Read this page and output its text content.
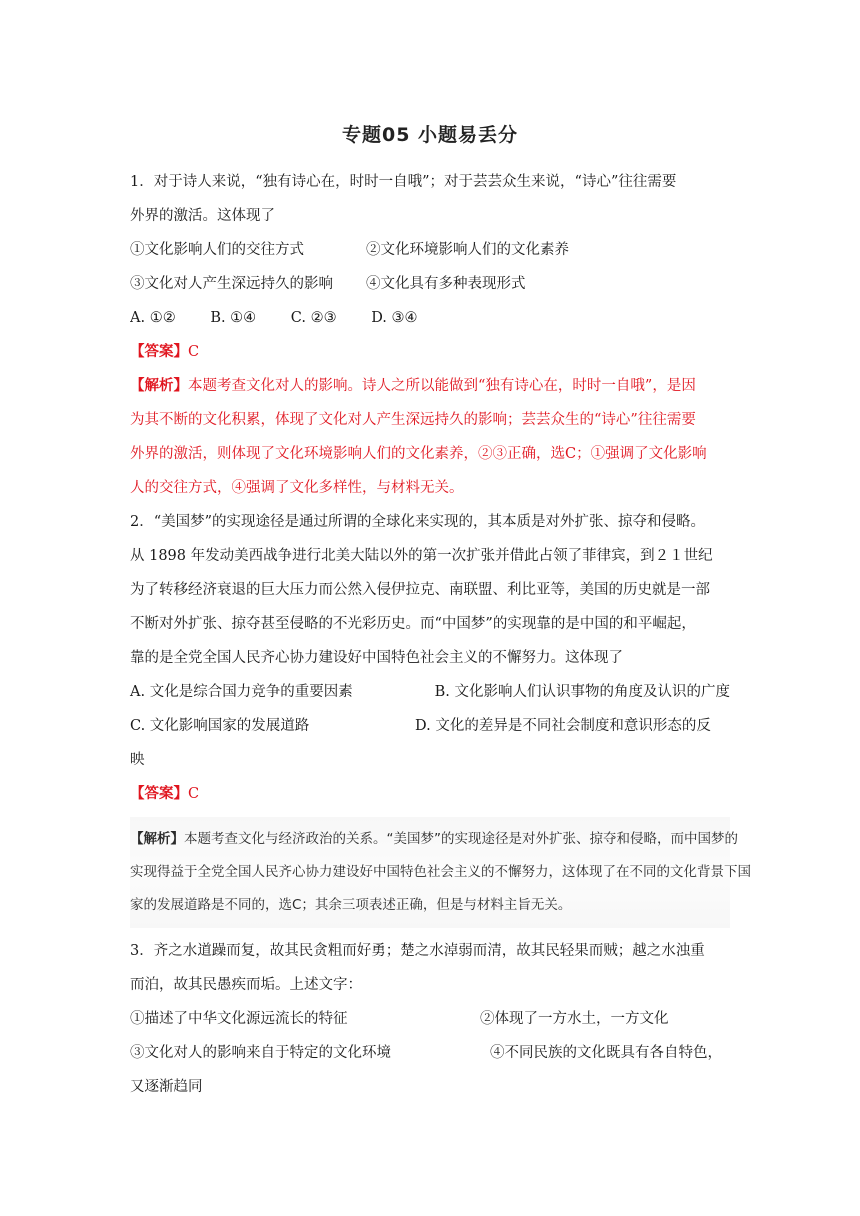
专题05 小题易丢分
1．对于诗人来说，“独有诗心在，时时一自哦”；对于芸芸众生来说，“诗心”往往需要
外界的激活。这体现了
①文化影响人们的交往方式	②文化环境影响人们的文化素养
③文化对人产生深远持久的影响	④文化具有多种表现形式
A. ①② B. ①④ C. ②③ D. ③④
【答案】C
【解析】本题考查文化对人的影响。诗人之所以能做到“独有诗心在，时时一自哦”，是因
为其不断的文化积累，体现了文化对人产生深远持久的影响；芸芸众生的“诗心”往往需要
外界的激活，则体现了文化环境影响人们的文化素养，②③正确，选C；①强调了文化影响
人的交往方式，④强调了文化多样性，与材料无关。
2．“美国梦”的实现途径是通过所谓的全球化来实现的，其本质是对外扩张、掠夺和侵略。
从 1898 年发动美西战争进行北美大陆以外的第一次扩张并借此占领了菲律宾，到２１世纪
为了转移经济衰退的巨大压力而公然入侵伊拉克、南联盟、利比亚等，美国的历史就是一部
不断对外扩张、掠夺甚至侵略的不光彩历史。而“中国梦”的实现靠的是中国的和平崛起，
靠的是全党全国人民齐心协力建设好中国特色社会主义的不懈努力。这体现了
A. 文化是综合国力竞争的重要因素	B. 文化影响人们认识事物的角度及认识的广度
C. 文化影响国家的发展道路	D. 文化的差异是不同社会制度和意识形态的反
映
【答案】C
【解析】本题考查文化与经济政治的关系。“美国梦”的实现途径是对外扩张、掠夺和侵略，而中国梦的
实现得益于全党全国人民齐心协力建设好中国特色社会主义的不懈努力，这体现了在不同的文化背景下国
家的发展道路是不同的，选C；其余三项表述正确，但是与材料主旨无关。
3．齐之水道躁而复，故其民贪粗而好勇；楚之水淖弱而清，故其民轻果而贼；越之水浊重
而泊，故其民愚疾而垢。上述文字：
①描述了中华文化源远流长的特征	②体现了一方水土，一方文化
③文化对人的影响来自于特定的文化环境	④不同民族的文化既具有各自特色，
又逐渐趋同
